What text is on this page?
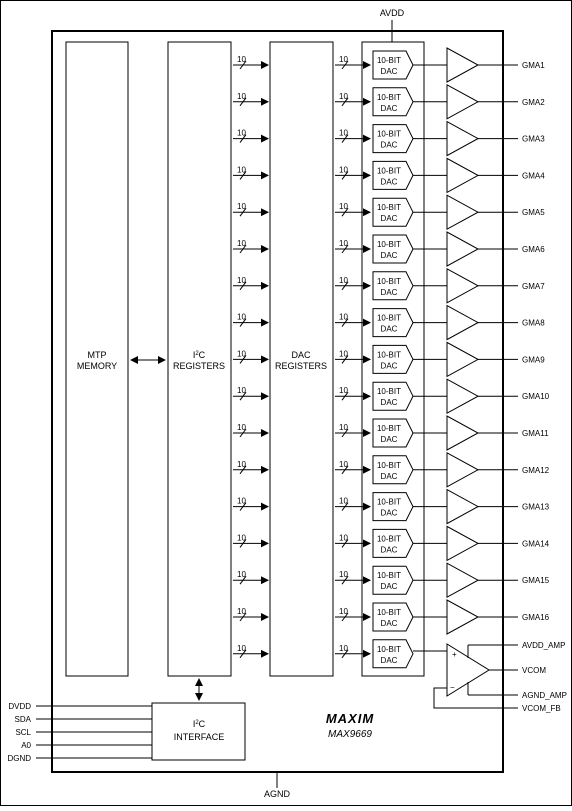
AVDD
AGND
MTP
MEMORY
$I^2C$
REGISTERS
DAC
REGISTERS
10	10	10-BIT
DAC
GMA1
10	10	10-BIT
DAC
GMA2
10	10	10-BIT
DAC
GMA3
10	10	10-BIT
DAC
GMA4
10	10	10-BIT
DAC
GMA5
10	10	10-BIT
DAC
GMA6
10	10	10-BIT
DAC
GMA7
10	10	10-BIT
DAC
GMA8
10	10	10-BIT
DAC
GMA9
10	10	10-BIT
DAC
GMA10
10	10	10-BIT
DAC
GMA11
10	10	10-BIT
DAC
GMA12
10	10	10-BIT
DAC
GMA13
10	10	10-BIT
DAC
GMA14
10	10	10-BIT
DAC
GMA15
10	10	10-BIT
DAC
GMA16
10	10	10-BIT
DAC
+
−
AVDD_AMP
VCOM
AGND_AMP
VCOM_FB
$I^2C$
INTERFACE
DVDD
SDA
SCL
A0
DGND
MAXIM
MAX9669
